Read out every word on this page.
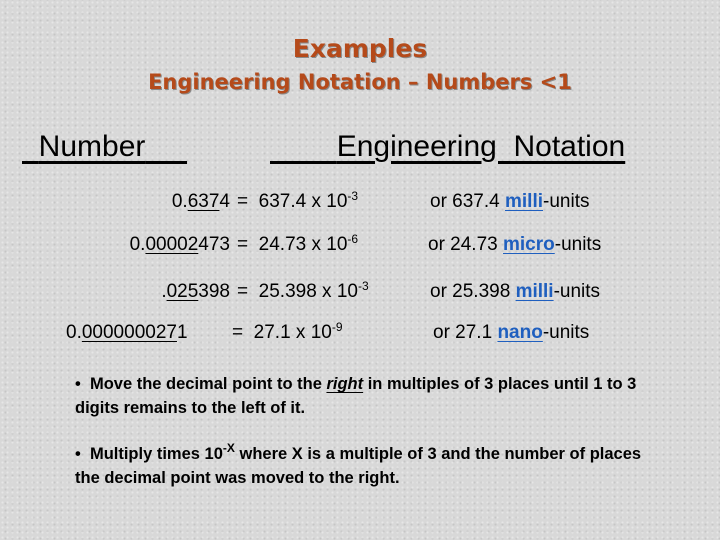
Examples
Engineering Notation – Numbers <1
Number	Engineering  Notation
0.6374 =  637.4 x $10^{-3}$	or 637.4 milli-units
0.00002473 =  24.73 x $10^{-6}$	or 24.73 micro-units
.025398 =  25.398 x $10^{-3}$	or 25.398 milli-units
0.0000000271 =  27.1 x $10^{-9}$	or 27.1 nano-units
•  Move the decimal point to the right in multiples of 3 places until 1 to 3 digits remains to the left of it.
•  Multiply times $10^{-X}$ where X is a multiple of 3 and the number of places the decimal point was moved to the right.
